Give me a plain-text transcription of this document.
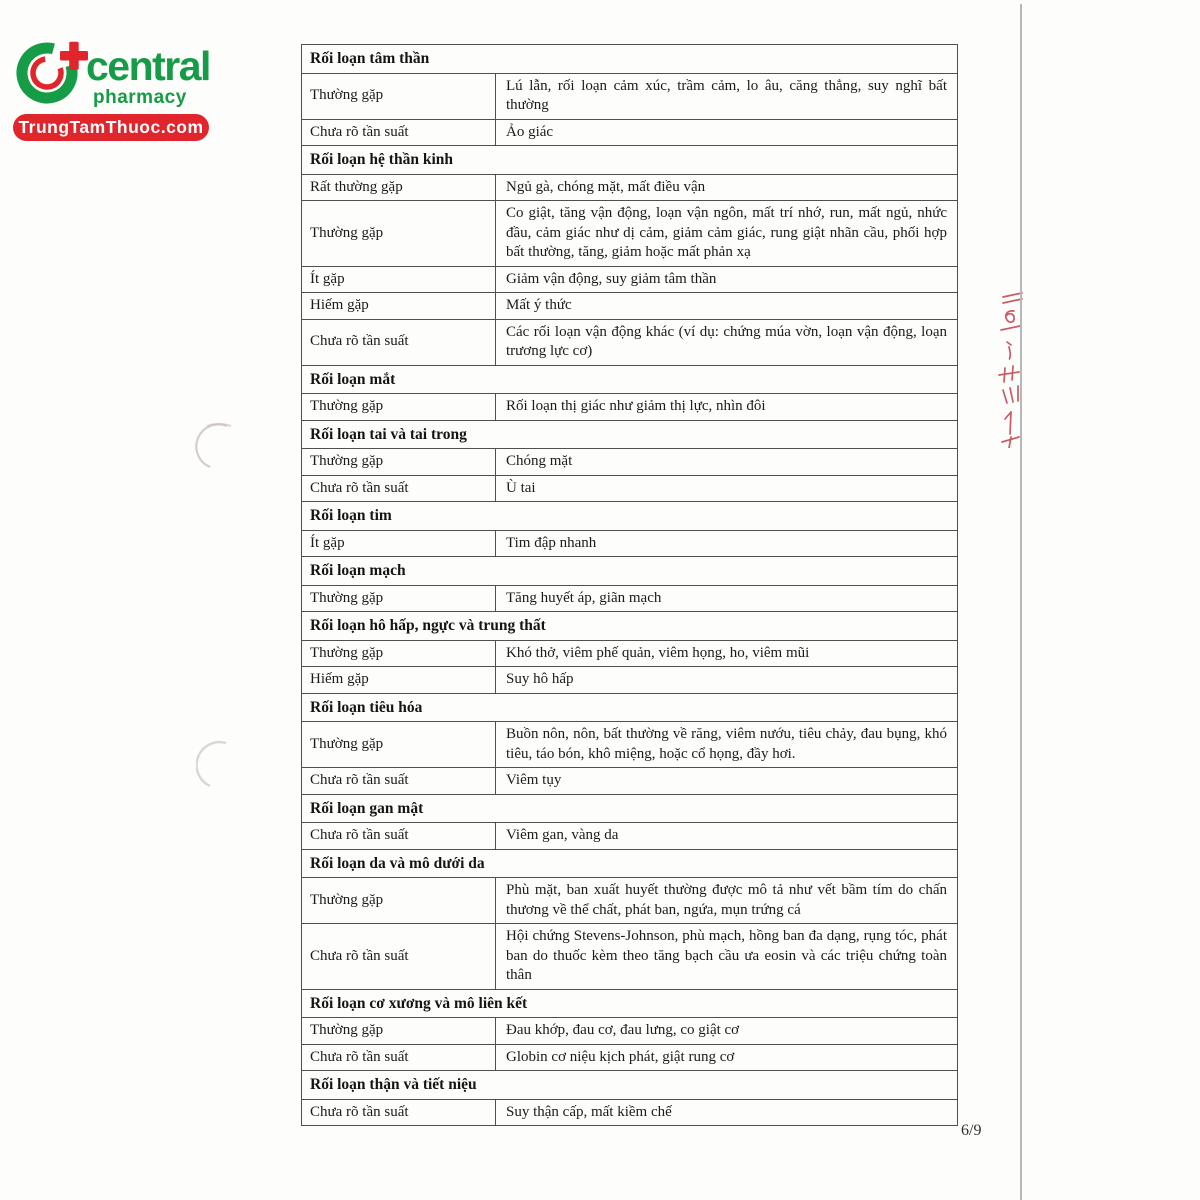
central
pharmacy
TrungTamThuoc.com
Rối loạn tâm thần	
Thường gặp	Lú lẫn, rối loạn cảm xúc, trầm cảm, lo âu, căng thẳng, suy nghĩ bất thường
Chưa rõ tần suất	Ảo giác
Rối loạn hệ thần kinh	
Rất thường gặp	Ngủ gà, chóng mặt, mất điều vận
Thường gặp	Co giật, tăng vận động, loạn vận ngôn, mất trí nhớ, run, mất ngủ, nhức đầu, cảm giác như dị cảm, giảm cảm giác, rung giật nhãn cầu, phối hợp bất thường, tăng, giảm hoặc mất phản xạ
Ít gặp	Giảm vận động, suy giảm tâm thần
Hiếm gặp	Mất ý thức
Chưa rõ tần suất	Các rối loạn vận động khác (ví dụ: chứng múa vờn, loạn vận động, loạn trương lực cơ)
Rối loạn mắt	
Thường gặp	Rối loạn thị giác như giảm thị lực, nhìn đôi
Rối loạn tai và tai trong	
Thường gặp	Chóng mặt
Chưa rõ tần suất	Ù tai
Rối loạn tim	
Ít gặp	Tim đập nhanh
Rối loạn mạch	
Thường gặp	Tăng huyết áp, giãn mạch
Rối loạn hô hấp, ngực và trung thất	
Thường gặp	Khó thở, viêm phế quản, viêm họng, ho, viêm mũi
Hiếm gặp	Suy hô hấp
Rối loạn tiêu hóa	
Thường gặp	Buồn nôn, nôn, bất thường về răng, viêm nướu, tiêu chảy, đau bụng, khó tiêu, táo bón, khô miệng, hoặc cổ họng, đầy hơi.
Chưa rõ tần suất	Viêm tụy
Rối loạn gan mật	
Chưa rõ tần suất	Viêm gan, vàng da
Rối loạn da và mô dưới da	
Thường gặp	Phù mặt, ban xuất huyết thường được mô tả như vết bầm tím do chấn thương về thể chất, phát ban, ngứa, mụn trứng cá
Chưa rõ tần suất	Hội chứng Stevens-Johnson, phù mạch, hồng ban đa dạng, rụng tóc, phát ban do thuốc kèm theo tăng bạch cầu ưa eosin và các triệu chứng toàn thân
Rối loạn cơ xương và mô liên kết	
Thường gặp	Đau khớp, đau cơ, đau lưng, co giật cơ
Chưa rõ tần suất	Globin cơ niệu kịch phát, giật rung cơ
Rối loạn thận và tiết niệu	
Chưa rõ tần suất	Suy thận cấp, mất kiềm chế
6/9
